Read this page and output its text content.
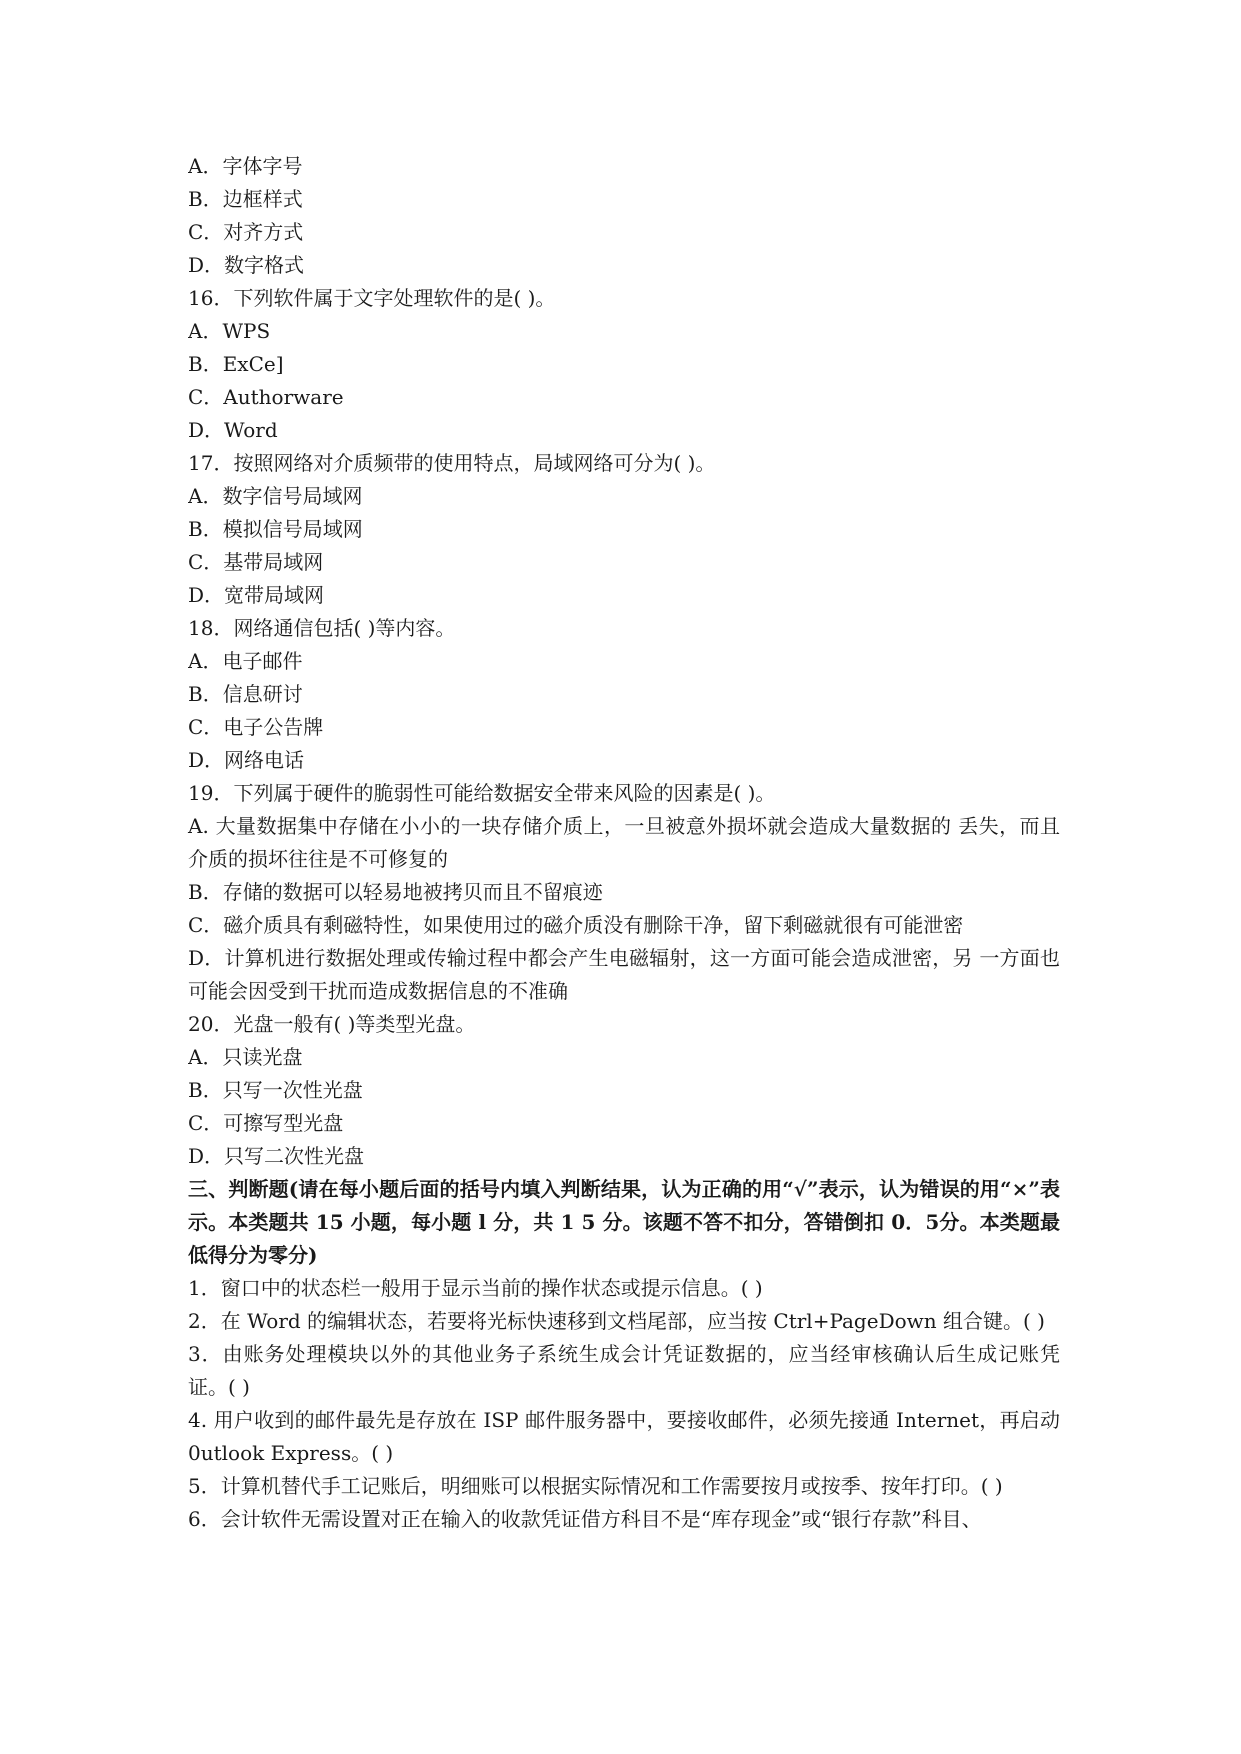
A．字体字号
B．边框样式
C．对齐方式
D．数字格式
16．下列软件属于文字处理软件的是( )。
A．WPS
B．ExCe]
C．Authorware
D．Word
17．按照网络对介质频带的使用特点，局域网络可分为( )。
A．数字信号局域网
B．模拟信号局域网
C．基带局域网
D．宽带局域网
18．网络通信包括( )等内容。
A．电子邮件
B．信息研讨
C．电子公告牌
D．网络电话
19．下列属于硬件的脆弱性可能给数据安全带来风险的因素是( )。
A. 大量数据集中存储在小小的一块存储介质上，一旦被意外损坏就会造成大量数据的 丢失，而且介质的损坏往往是不可修复的
B．存储的数据可以轻易地被拷贝而且不留痕迹
C．磁介质具有剩磁特性，如果使用过的磁介质没有删除干净，留下剩磁就很有可能泄密
D．计算机进行数据处理或传输过程中都会产生电磁辐射，这一方面可能会造成泄密，另 一方面也可能会因受到干扰而造成数据信息的不准确
20．光盘一般有( )等类型光盘。
A．只读光盘
B．只写一次性光盘
C．可擦写型光盘
D．只写二次性光盘
三、判断题(请在每小题后面的括号内填入判断结果，认为正确的用“√”表示，认为错误的用“×”表示。本类题共 15 小题，每小题 l 分，共 1 5 分。该题不答不扣分，答错倒扣 0．5分。本类题最低得分为零分)
1．窗口中的状态栏一般用于显示当前的操作状态或提示信息。( )
2．在 Word 的编辑状态，若要将光标快速移到文档尾部，应当按 Ctrl+PageDown 组合键。( )
3．由账务处理模块以外的其他业务子系统生成会计凭证数据的，应当经审核确认后生成记账凭证。( )
4. 用户收到的邮件最先是存放在 ISP 邮件服务器中，要接收邮件，必须先接通 Internet，再启动 0utlook Express。( )
5．计算机替代手工记账后，明细账可以根据实际情况和工作需要按月或按季、按年打印。( )
6．会计软件无需设置对正在输入的收款凭证借方科目不是“库存现金”或“银行存款”科目、
